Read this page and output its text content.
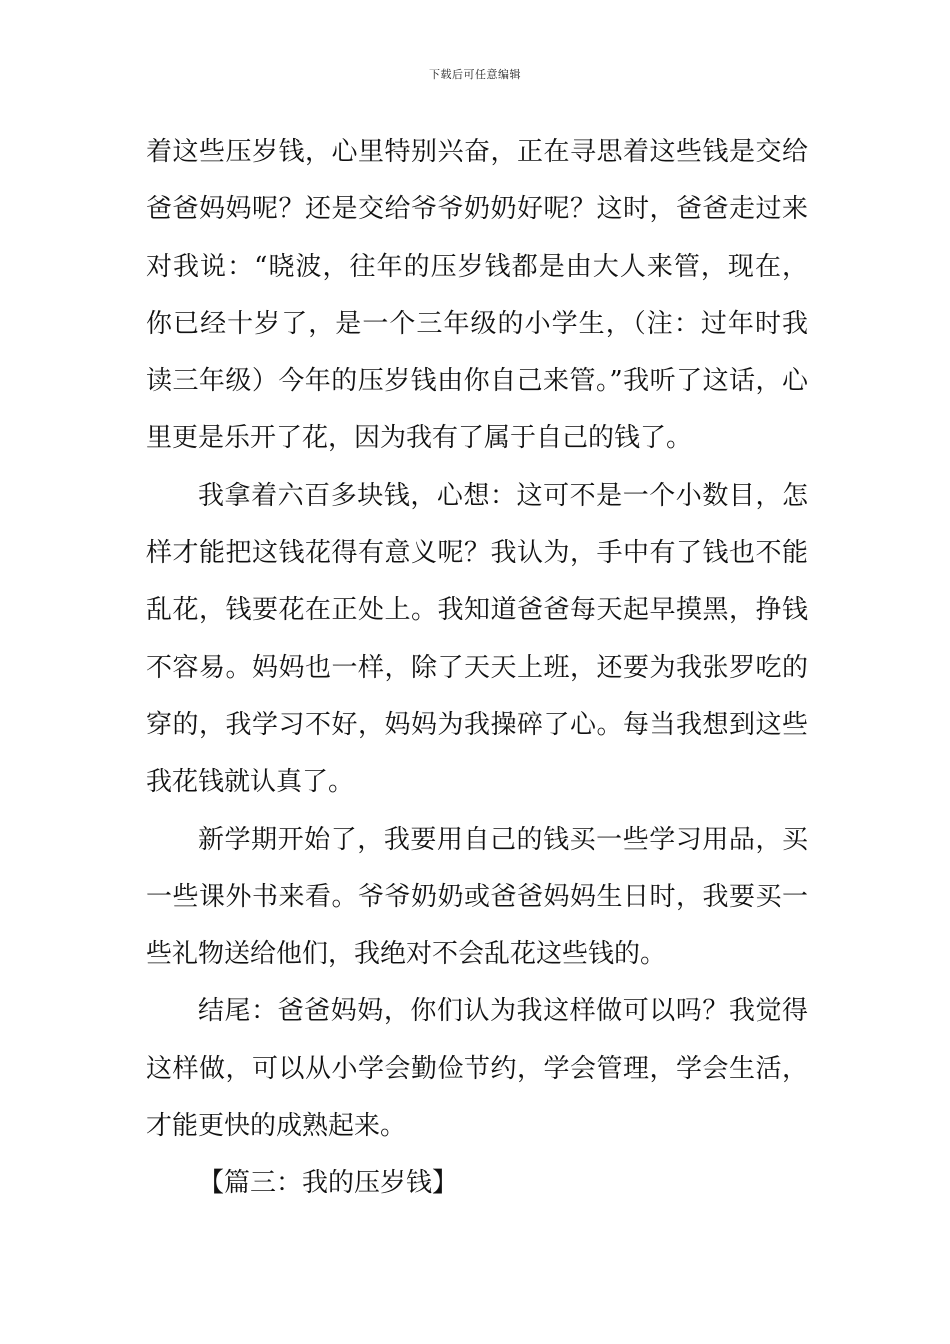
下载后可任意编辑

着这些压岁钱，心里特别兴奋，正在寻思着这些钱是交给爸爸妈妈呢？还是交给爷爷奶奶好呢？这时，爸爸走过来对我说：“晓波，往年的压岁钱都是由大人来管，现在，你已经十岁了，是一个三年级的小学生，（注：过年时我读三年级）今年的压岁钱由你自己来管。”我听了这话，心里更是乐开了花，因为我有了属于自己的钱了。

我拿着六百多块钱，心想：这可不是一个小数目，怎样才能把这钱花得有意义呢？我认为，手中有了钱也不能乱花，钱要花在正处上。我知道爸爸每天起早摸黑，挣钱不容易。妈妈也一样，除了天天上班，还要为我张罗吃的穿的，我学习不好，妈妈为我操碎了心。每当我想到这些我花钱就认真了。

新学期开始了，我要用自己的钱买一些学习用品，买一些课外书来看。爷爷奶奶或爸爸妈妈生日时，我要买一些礼物送给他们，我绝对不会乱花这些钱的。

结尾：爸爸妈妈，你们认为我这样做可以吗？我觉得这样做，可以从小学会勤俭节约，学会管理，学会生活，才能更快的成熟起来。

【篇三：我的压岁钱】
